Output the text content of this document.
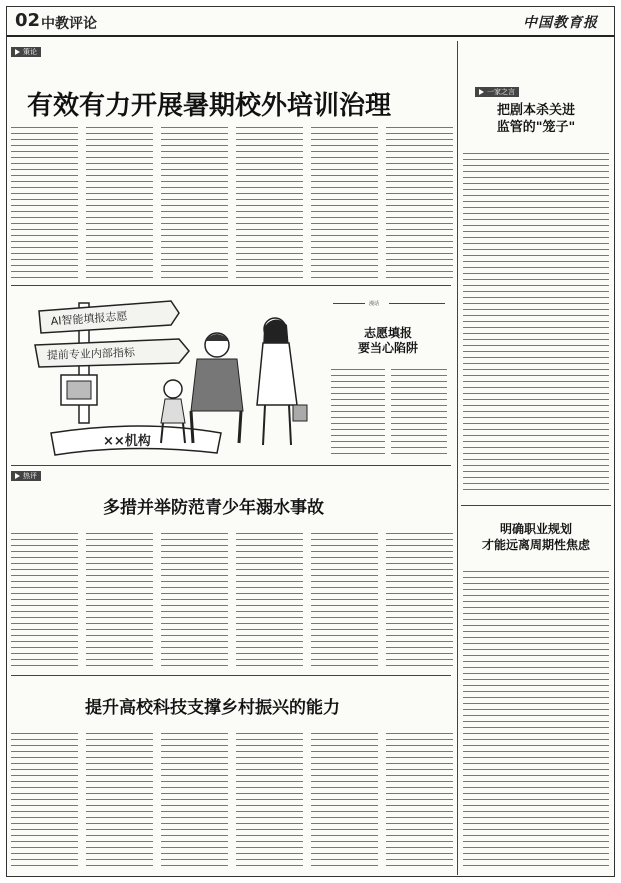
02 中教评论	中国教育报
策论
有效有力开展暑期校外培训治理
AI智能填报志愿
提前专业内部指标
××机构
漫话
志愿填报
要当心陷阱
热评
多措并举防范青少年溺水事故
提升高校科技支撑乡村振兴的能力
一家之言
把剧本杀关进
监管的"笼子"
明确职业规划
才能远离周期性焦虑
